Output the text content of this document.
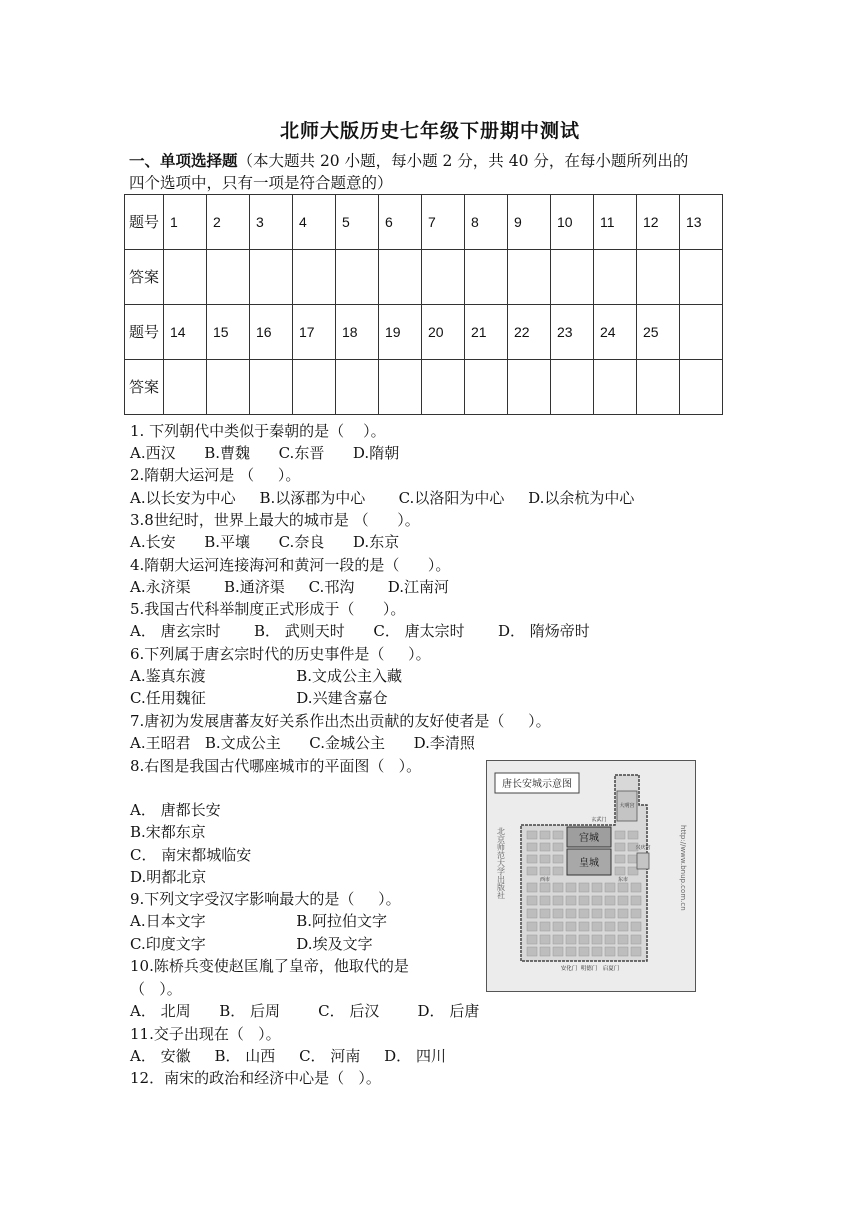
北师大版历史七年级下册期中测试
一、单项选择题（本大题共 20 小题，每小题 2 分，共 40 分，在每小题所列出的
四个选项中，只有一项是符合题意的）
题号	1	2	3	4	5	6	7	8	9	10	11	12	13
答案													
题号	14	15	16	17	18	19	20	21	22	23	24	25	
答案													
1. 下列朝代中类似于秦朝的是（    ）。
A.西汉      B.曹魏      C.东晋      D.隋朝
2.隋朝大运河是 （     ）。
A.以长安为中心     B.以涿郡为中心       C.以洛阳为中心     D.以余杭为中心
3.8世纪时，世界上最大的城市是 （      ）。
A.长安      B.平壤      C.奈良      D.东京
4.隋朝大运河连接海河和黄河一段的是（      ）。
A.永济渠       B.通济渠     C.邗沟       D.江南河
5.我国古代科举制度正式形成于（      ）。
A． 唐玄宗时       B． 武则天时      C． 唐太宗时       D． 隋炀帝时
6.下列属于唐玄宗时代的历史事件是（     ）。
A.鉴真东渡                   B.文成公主入藏
C.任用魏征                   D.兴建含嘉仓
7.唐初为发展唐蕃友好关系作出杰出贡献的友好使者是（     ）。
A.王昭君   B.文成公主      C.金城公主      D.李清照
8.右图是我国古代哪座城市的平面图（   ）。
A． 唐都长安
B.宋都东京
C． 南宋都城临安
D.明都北京
9.下列文字受汉字影响最大的是（     ）。
A.日本文字                   B.阿拉伯文字
C.印度文字                   D.埃及文字
10.陈桥兵变使赵匡胤了皇帝，他取代的是
（   ）。
A． 北周      B． 后周        C． 后汉        D． 后唐
11.交子出现在（   ）。
A． 安徽     B． 山西     C． 河南     D． 四川
12．南宋的政治和经济中心是（   ）。
唐长安城示意图
宫城
皇城
大明宫
玄武门
兴庆宫
西市	东市
安化门 明德门 启夏门
北京师范大学出版社	http://www.bnup.com.cn
